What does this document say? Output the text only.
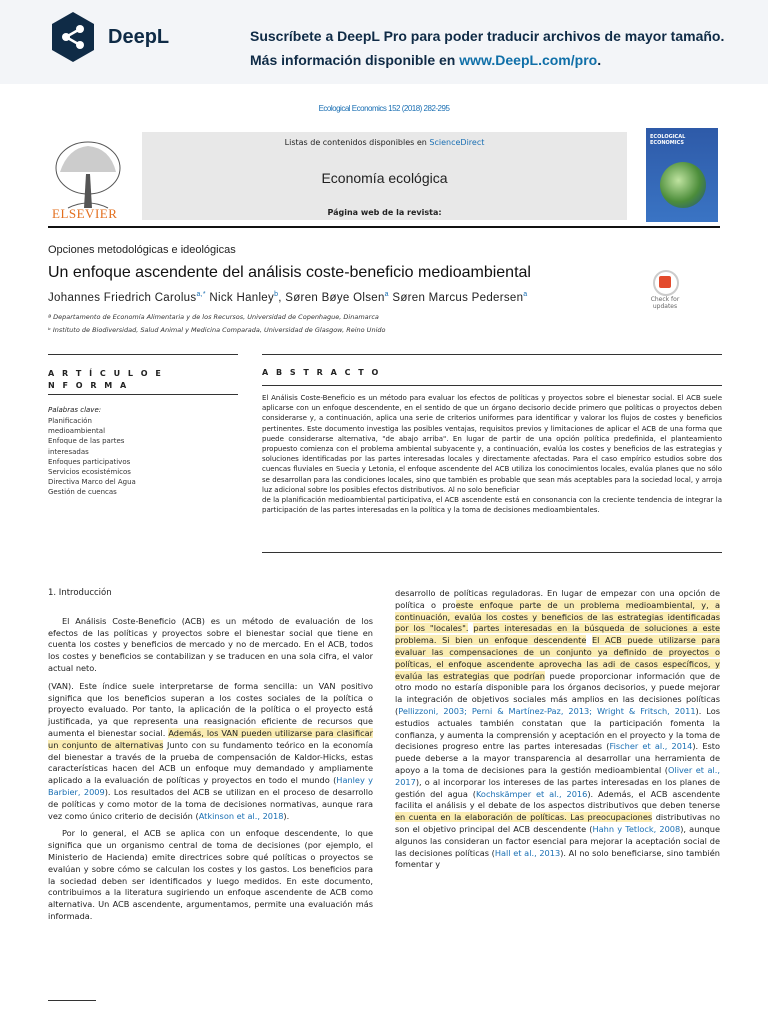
DeepL	Suscríbete a DeepL Pro para poder traducir archivos de mayor tamaño.
Más información disponible en www.DeepL.com/pro.
Ecological Economics 152 (2018) 282-295
ELSEVIER
Listas de contenidos disponibles en ScienceDirect
Economía ecológica
Página web de la revista:
ECOLOGICAL ECONOMICS
Opciones metodológicas e ideológicas
Un enfoque ascendente del análisis coste-beneficio medioambiental
Johannes Friedrich Carolus$^{a,*}$ Nick Hanley$^b$, Søren Bøye Olsen$^a$ Søren Marcus Pedersen$^a$
Check for updates
ª Departamento de Economía Alimentaria y de los Recursos, Universidad de Copenhague, Dinamarca
ᵇ Instituto de Biodiversidad, Salud Animal y Medicina Comparada, Universidad de Glasgow, Reino Unido
A R T Í C U L O E N F O R M A
A B S T R A C T O
Palabras clave:
Planificación
medioambiental
Enfoque de las partes
interesadas
Enfoques participativos
Servicios ecosistémicos
Directiva Marco del Agua
Gestión de cuencas
El Análisis Coste-Beneficio es un método para evaluar los efectos de políticas y proyectos sobre el bienestar social. El ACB suele aplicarse con un enfoque descendente, en el sentido de que un órgano decisorio decide primero que políticas o proyectos deben considerarse y, a continuación, aplica una serie de criterios uniformes para identificar y valorar los flujos de costes y beneficios pertinentes. Este documento investiga las posibles ventajas, requisitos previos y limitaciones de aplicar el ACB de una forma que puede considerarse alternativa, "de abajo arriba". En lugar de partir de una opción política predefinida, el planteamiento propuesto comienza con el problema ambiental subyacente y, a continuación, evalúa los costes y beneficios de las estrategias y soluciones identificadas por las partes interesadas locales y directamente afectadas. Para el caso empírico estudios sobre dos cuencas fluviales en Suecia y Letonia, el enfoque ascendente del ACB utiliza los conocimientos locales, evalúa planes que no sólo se desarrollan para las condiciones locales, sino que también es probable que sean más aceptables para la sociedad local, y arroja luz adicional sobre los posibles efectos distributivos. Al no solo beneficiar
de la planificación medioambiental participativa, el ACB ascendente está en consonancia con la creciente tendencia de integrar la participación de las partes interesadas en la política y la toma de decisiones medioambientales.
1. Introducción

El Análisis Coste-Beneficio (ACB) es un método de evaluación de los efectos de las políticas y proyectos sobre el bienestar social que tiene en cuenta los costes y beneficios de mercado y no de mercado. En el ACB, todos los costes y beneficios se contabilizan y se traducen en una sola cifra, el valor actual neto.

(VAN). Este índice suele interpretarse de forma sencilla: un VAN positivo significa que los beneficios superan a los costes sociales de la política o proyecto evaluado. Por tanto, la aplicación de la política o el proyecto está justificada, ya que representa una reasignación eficiente de recursos que aumenta el bienestar social. Además, los VAN pueden utilizarse para clasificar un conjunto de alternativas Junto con su fundamento teórico en la economía del bienestar a través de la prueba de compensación de Kaldor-Hicks, estas características hacen del ACB un enfoque muy demandado y ampliamente aplicado a la evaluación de políticas y proyectos en todo el mundo (Hanley y Barbier, 2009). Los resultados del ACB se utilizan en el proceso de desarrollo de políticas y como motor de la toma de decisiones normativas, aunque rara vez como único criterio de decisión (Atkinson et al., 2018).

Por lo general, el ACB se aplica con un enfoque descendente, lo que significa que un organismo central de toma de decisiones (por ejemplo, el Ministerio de Hacienda) emite directrices sobre qué políticas o proyectos se evalúan y sobre cómo se calculan los costes y los gastos. Los beneficios para la sociedad deben ser identificados y luego medidos. En este documento, contribuimos a la literatura sugiriendo un enfoque ascendente de ACB como alternativa. Un ACB ascendente, argumentamos, permite una evaluación más informada.

desarrollo de políticas reguladoras. En lugar de empezar con una opción de política o proeste enfoque parte de un problema medioambiental, y, a continuación, evalúa los costes y beneficios de las estrategias identificadas por los "locales". partes interesadas en la búsqueda de soluciones a este problema. Si bien un enfoque descendente El ACB puede utilizarse para evaluar las compensaciones de un conjunto ya definido de proyectos o políticas, el enfoque ascendente aprovecha las adi de casos específicos, y evalúa las estrategias que podrían puede proporcionar información que de otro modo no estaría disponible para los órganos decisorios, y puede mejorar la integración de objetivos sociales más amplios en las decisiones políticas (Pellizzoni, 2003; Perni & Martínez-Paz, 2013; Wright & Fritsch, 2011). Los estudios actuales también constatan que la participación fomenta la confianza, y aumenta la comprensión y aceptación en el proyecto y la toma de decisiones progreso entre las partes interesadas (Fischer et al., 2014). Esto puede deberse a la mayor transparencia al desarrollar una herramienta de apoyo a la toma de decisiones para la gestión medioambiental (Oliver et al., 2017), o al incorporar los intereses de las partes interesadas en los planes de gestión del agua (Kochskämper et al., 2016). Además, el ACB ascendente facilita el análisis y el debate de los aspectos distributivos que deben tenerse en cuenta en la elaboración de políticas. Las preocupaciones distributivas no son el objetivo principal del ACB descendente (Hahn y Tetlock, 2008), aunque algunos las consideran un factor esencial para mejorar la aceptación social de las decisiones políticas (Hall et al., 2013). Al no solo beneficiarse, sino también fomentar y
